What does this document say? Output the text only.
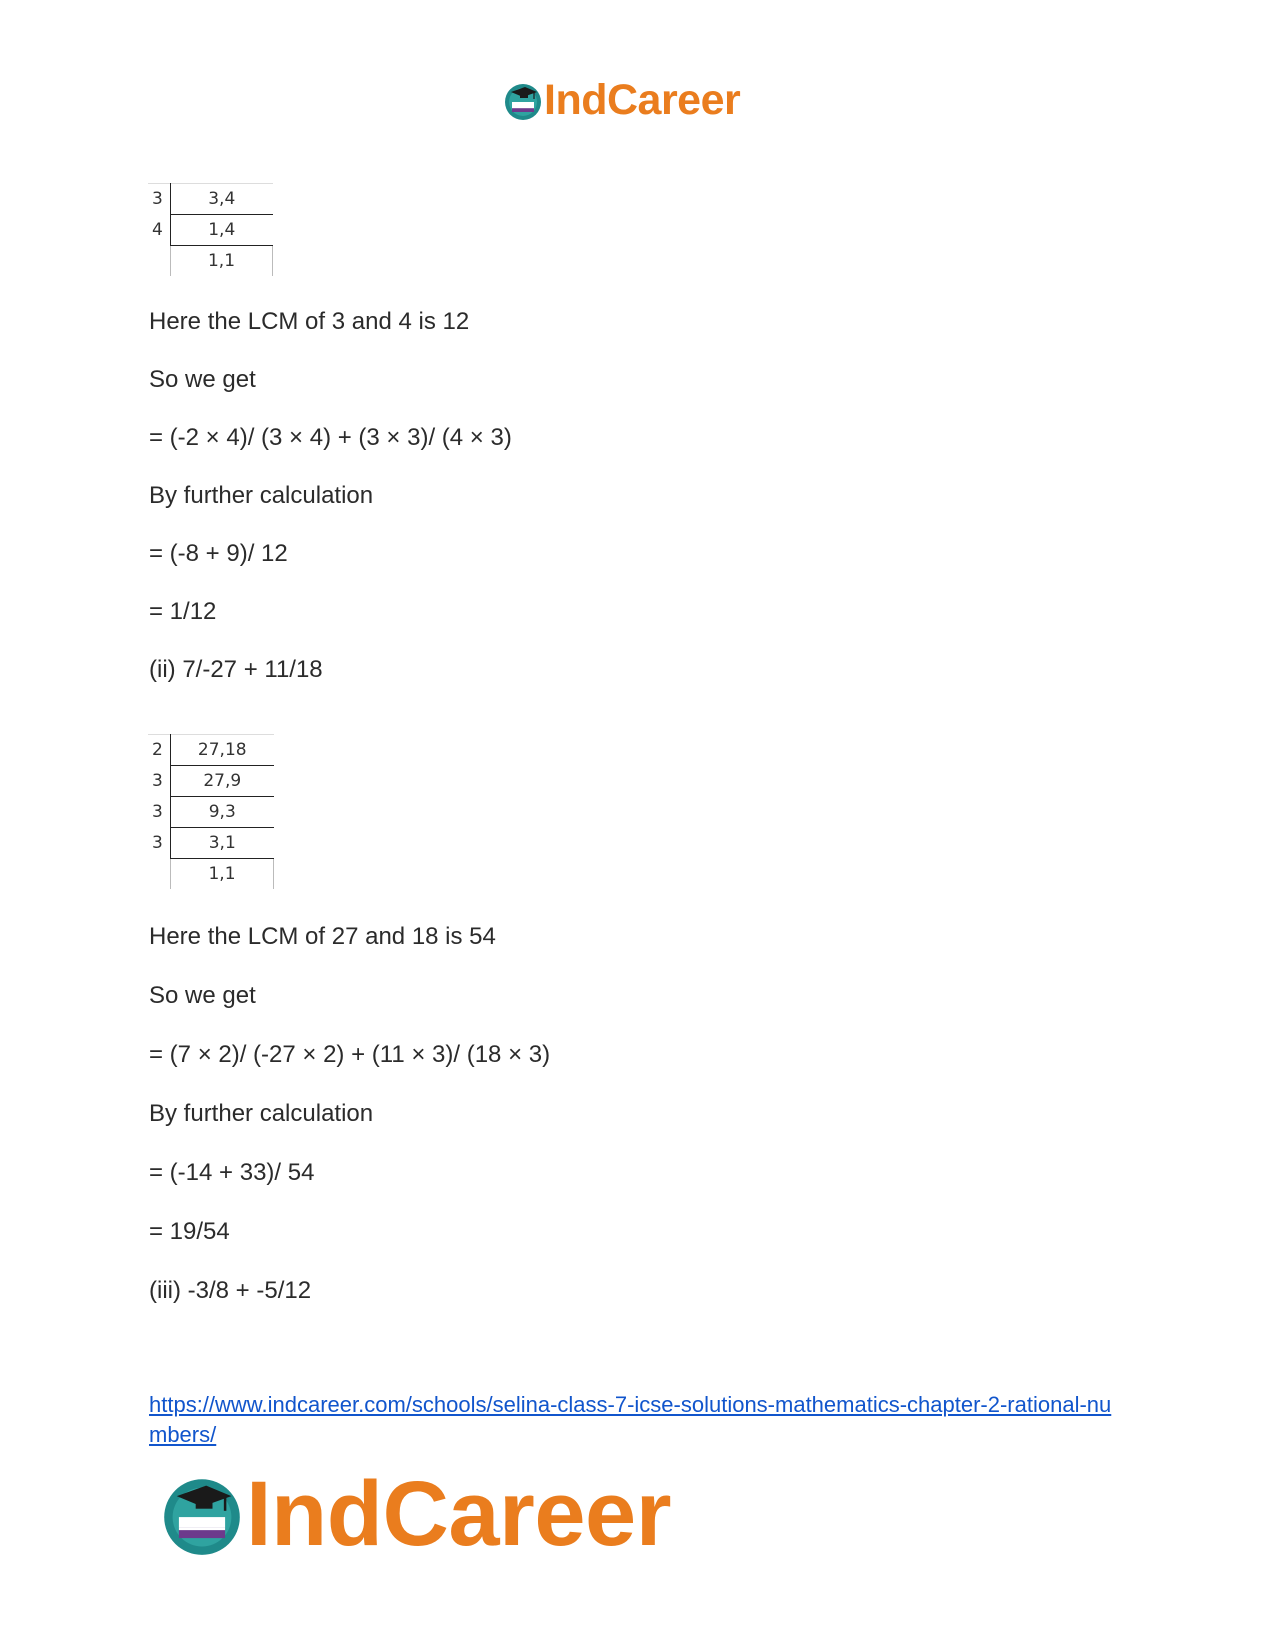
IndCareer
3	3,4
4	1,4
	1,1
Here the LCM of 3 and 4 is 12
So we get
= (-2 × 4)/ (3 × 4) + (3 × 3)/ (4 × 3)
By further calculation
= (-8 + 9)/ 12
= 1/12
(ii) 7/-27 + 11/18
2	27,18
3	27,9
3	9,3
3	3,1
	1,1
Here the LCM of 27 and 18 is 54
So we get
= (7 × 2)/ (-27 × 2) + (11 × 3)/ (18 × 3)
By further calculation
= (-14 + 33)/ 54
= 19/54
(iii) -3/8 + -5/12
https://www.indcareer.com/schools/selina-class-7-icse-solutions-mathematics-chapter-2-rational-numbers/
IndCareer
